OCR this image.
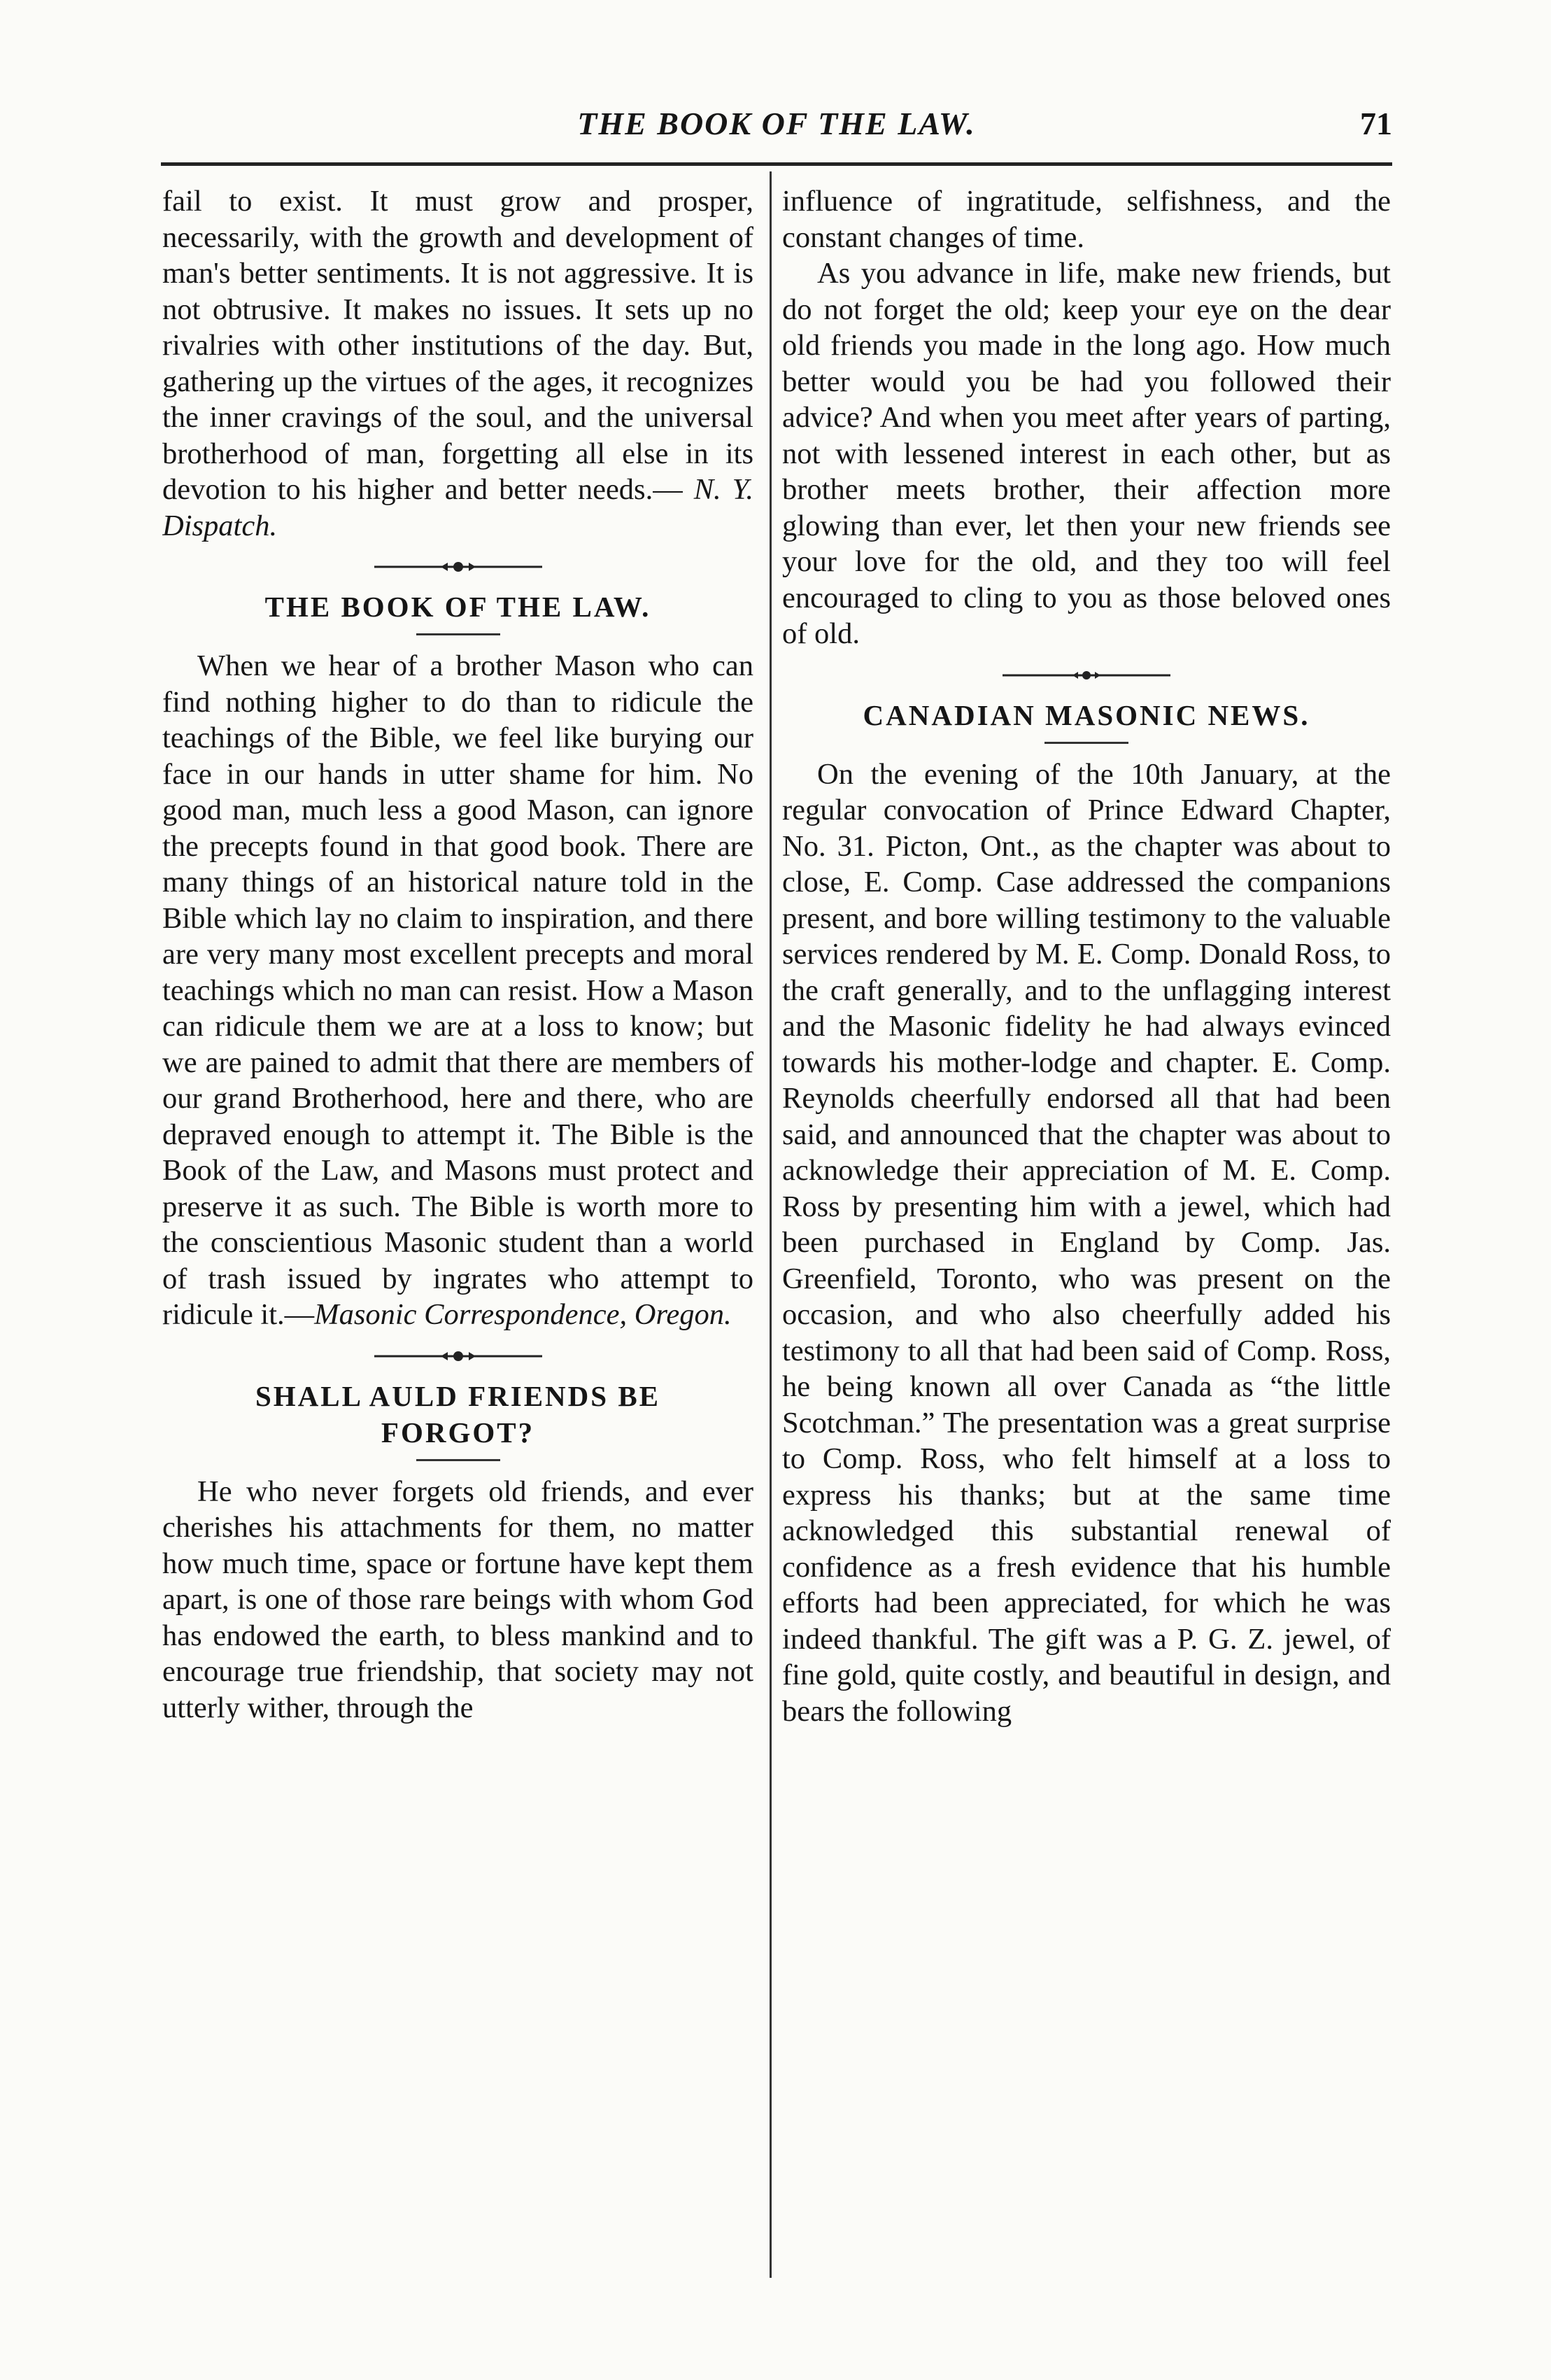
THE BOOK OF THE LAW.	71

fail to exist. It must grow and prosper, necessarily, with the growth and development of man's better sentiments. It is not aggressive. It is not obtrusive. It makes no issues. It sets up no rivalries with other institutions of the day. But, gathering up the virtues of the ages, it recognizes the inner cravings of the soul, and the universal brotherhood of man, forgetting all else in its devotion to his higher and better needs.— N. Y. Dispatch.

THE BOOK OF THE LAW.

When we hear of a brother Mason who can find nothing higher to do than to ridicule the teachings of the Bible, we feel like burying our face in our hands in utter shame for him. No good man, much less a good Mason, can ignore the precepts found in that good book. There are many things of an historical nature told in the Bible which lay no claim to inspiration, and there are very many most excellent precepts and moral teachings which no man can resist. How a Mason can ridicule them we are at a loss to know; but we are pained to admit that there are members of our grand Brotherhood, here and there, who are depraved enough to attempt it. The Bible is the Book of the Law, and Masons must protect and preserve it as such. The Bible is worth more to the conscientious Masonic student than a world of trash issued by ingrates who attempt to ridicule it.—Masonic Correspondence, Oregon.

SHALL AULD FRIENDS BE

FORGOT?

He who never forgets old friends, and ever cherishes his attachments for them, no matter how much time, space or fortune have kept them apart, is one of those rare beings with whom God has endowed the earth, to bless mankind and to encourage true friendship, that society may not utterly wither, through the

influence of ingratitude, selfishness, and the constant changes of time.

As you advance in life, make new friends, but do not forget the old; keep your eye on the dear old friends you made in the long ago. How much better would you be had you followed their advice? And when you meet after years of parting, not with lessened interest in each other, but as brother meets brother, their affection more glowing than ever, let then your new friends see your love for the old, and they too will feel encouraged to cling to you as those beloved ones of old.

CANADIAN MASONIC NEWS.

On the evening of the 10th January, at the regular convocation of Prince Edward Chapter, No. 31. Picton, Ont., as the chapter was about to close, E. Comp. Case addressed the companions present, and bore willing testimony to the valuable services rendered by M. E. Comp. Donald Ross, to the craft generally, and to the unflagging interest and the Masonic fidelity he had always evinced towards his mother-lodge and chapter. E. Comp. Reynolds cheerfully endorsed all that had been said, and announced that the chapter was about to acknowledge their appreciation of M. E. Comp. Ross by presenting him with a jewel, which had been purchased in England by Comp. Jas. Greenfield, Toronto, who was present on the occasion, and who also cheerfully added his testimony to all that had been said of Comp. Ross, he being known all over Canada as “the little Scotchman.” The presentation was a great surprise to Comp. Ross, who felt himself at a loss to express his thanks; but at the same time acknowledged this substantial renewal of confidence as a fresh evidence that his humble efforts had been appreciated, for which he was indeed thankful. The gift was a P. G. Z. jewel, of fine gold, quite costly, and beautiful in design, and bears the following
